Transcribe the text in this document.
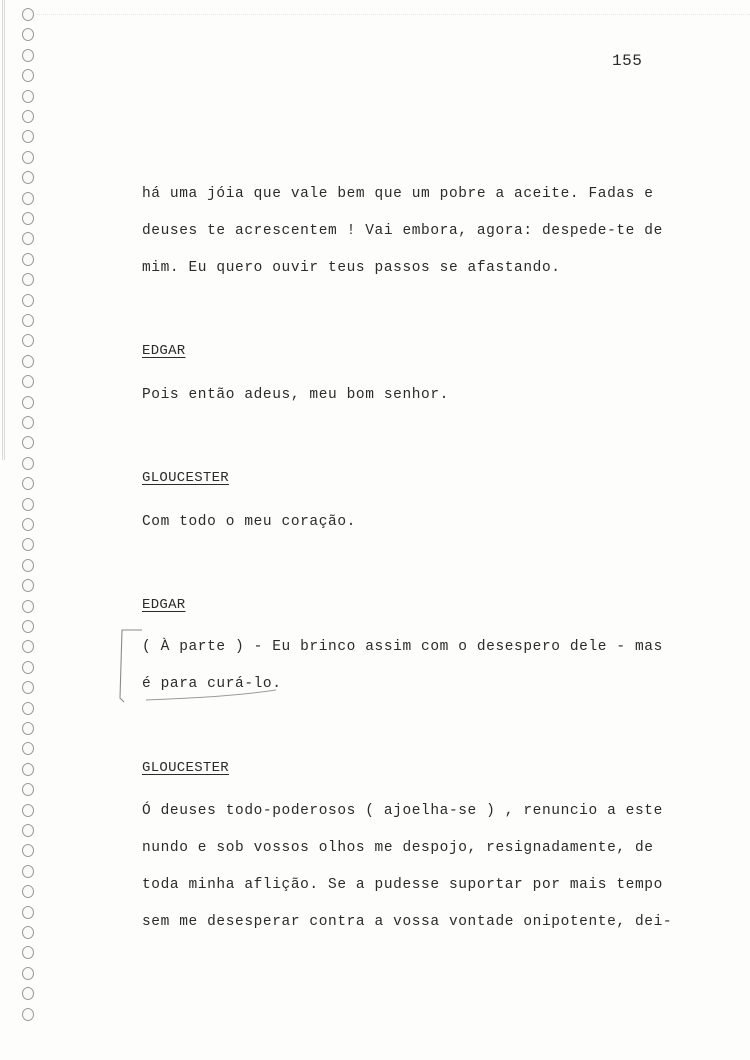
155
há uma jóia que vale bem que um pobre a aceite. Fadas e
deuses te acrescentem ! Vai embora, agora: despede-te de
mim. Eu quero ouvir teus passos se afastando.
EDGAR
Pois então adeus, meu bom senhor.
GLOUCESTER
Com todo o meu coração.
EDGAR
( À parte ) - Eu brinco assim com o desespero dele - mas
é para curá-lo.
GLOUCESTER
Ó deuses todo-poderosos ( ajoelha-se ) , renuncio a este
nundo e sob vossos olhos me despojo, resignadamente, de
toda minha aflição. Se a pudesse suportar por mais tempo
sem me desesperar contra a vossa vontade onipotente, dei-
